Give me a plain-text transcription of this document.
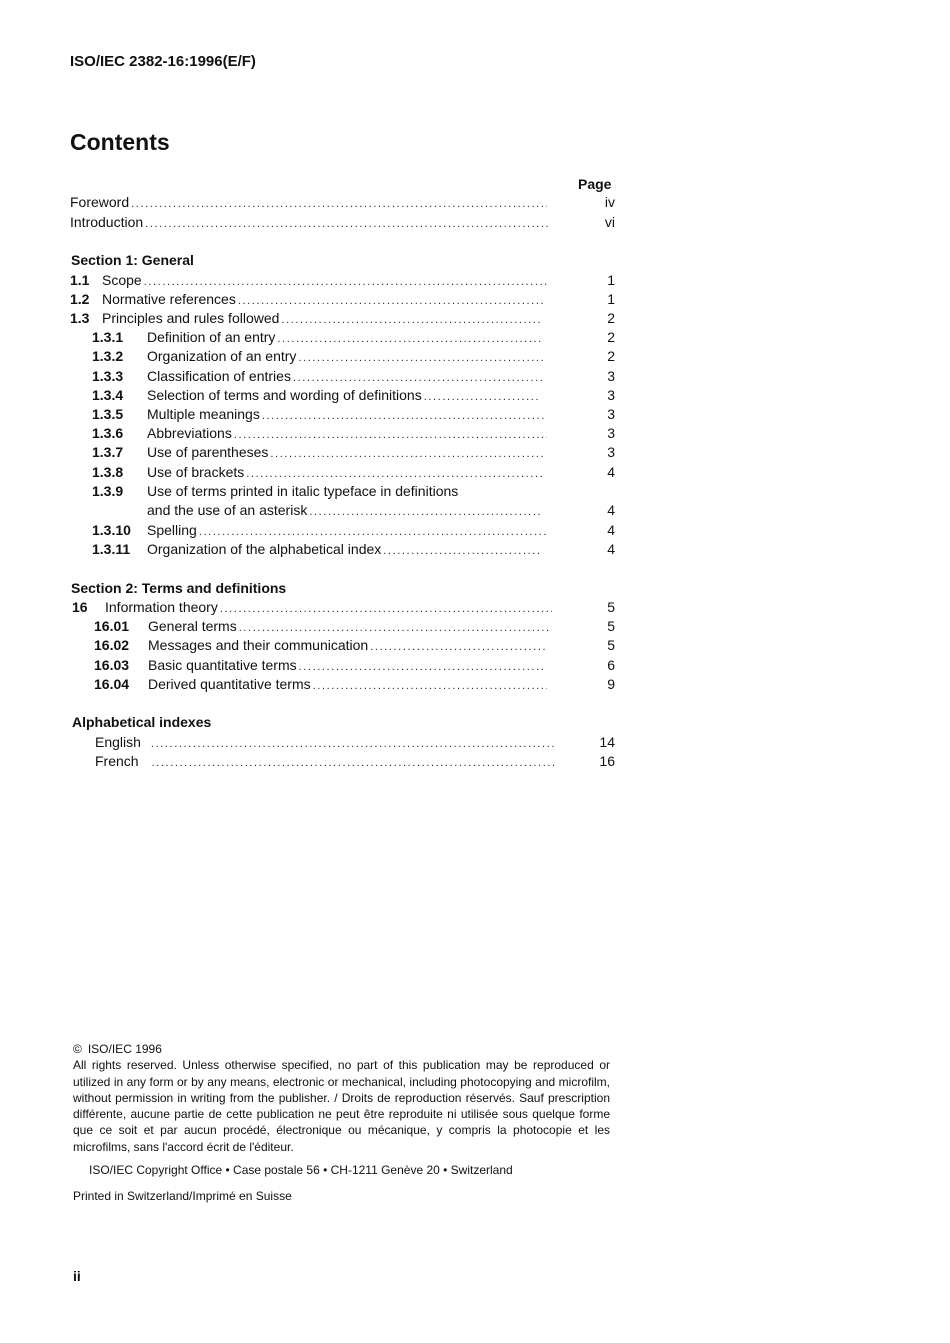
ISO/IEC 2382-16:1996(E/F)
Contents
Page
Foreword .....	iv
Introduction .....	vi
Section 1: General
1.1 Scope .....	1
1.2 Normative references .....	1
1.3 Principles and rules followed .....	2
1.3.1	Definition of an entry .....	2
1.3.2	Organization of an entry .....	2
1.3.3	Classification of entries .....	3
1.3.4	Selection of terms and wording of definitions .....	3
1.3.5	Multiple meanings .....	3
1.3.6	Abbreviations .....	3
1.3.7	Use of parentheses .....	3
1.3.8	Use of brackets .....	4
1.3.9	Use of terms printed in italic typeface in definitions
and the use of an asterisk .....	4
1.3.10	Spelling .....	4
1.3.11	Organization of the alphabetical index .....	4
Section 2: Terms and definitions
16	Information theory .....	5
16.01	General terms .....	5
16.02	Messages and their communication .....	5
16.03	Basic quantitative terms .....	6
16.04	Derived quantitative terms .....	9
Alphabetical indexes
English .....	14
French .....	16

© ISO/IEC 1996

All rights reserved. Unless otherwise specified, no part of this publication may be reproduced or utilized in any form or by any means, electronic or mechanical, including photocopying and microfilm, without permission in writing from the publisher. / Droits de reproduction réservés. Sauf prescription différente, aucune partie de cette publication ne peut être reproduite ni utilisée sous quelque forme que ce soit et par aucun procédé, électronique ou mécanique, y compris la photocopie et les microfilms, sans l'accord écrit de l'éditeur.

ISO/IEC Copyright Office • Case postale 56 • CH-1211 Genève 20 • Switzerland
Printed in Switzerland/Imprimé en Suisse
ii
